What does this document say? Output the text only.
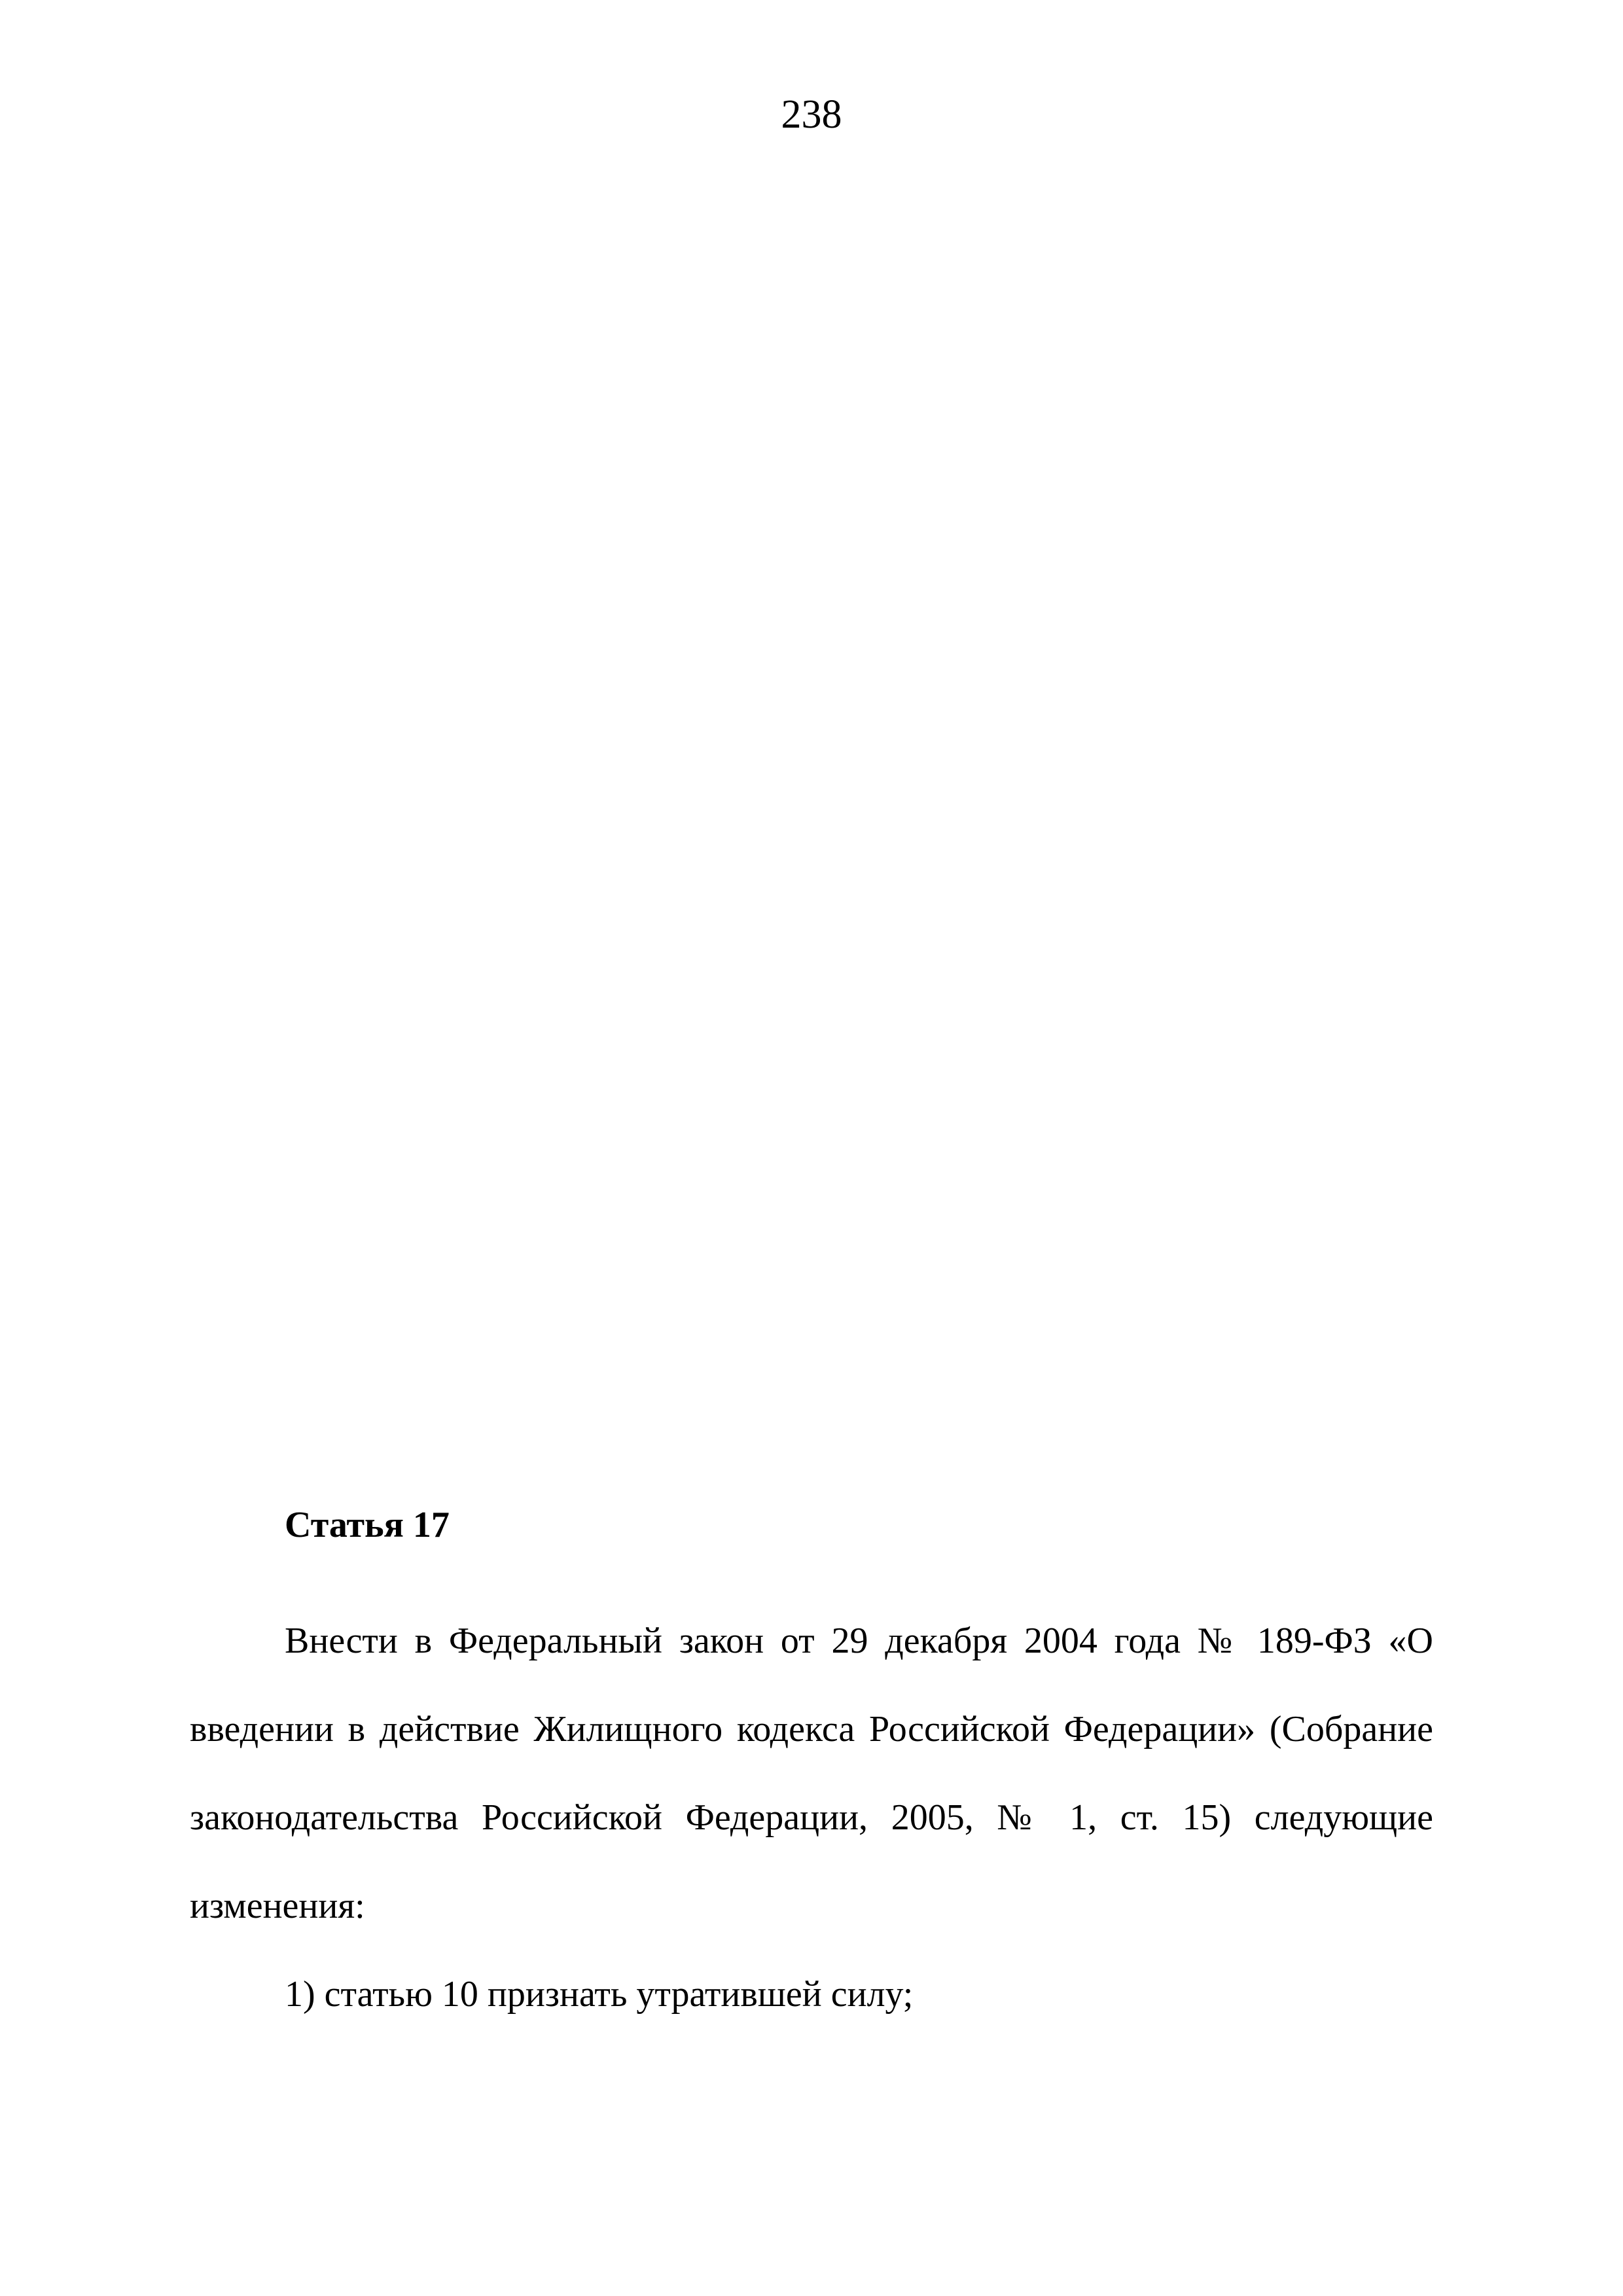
238

Статья 17

Внести в Федеральный закон от 29 декабря 2004 года № 189-ФЗ «О введении в действие Жилищного кодекса Российской Федерации» (Собрание законодательства Российской Федерации, 2005, № 1, ст. 15) следующие изменения:

1) статью 10 признать утратившей силу;
